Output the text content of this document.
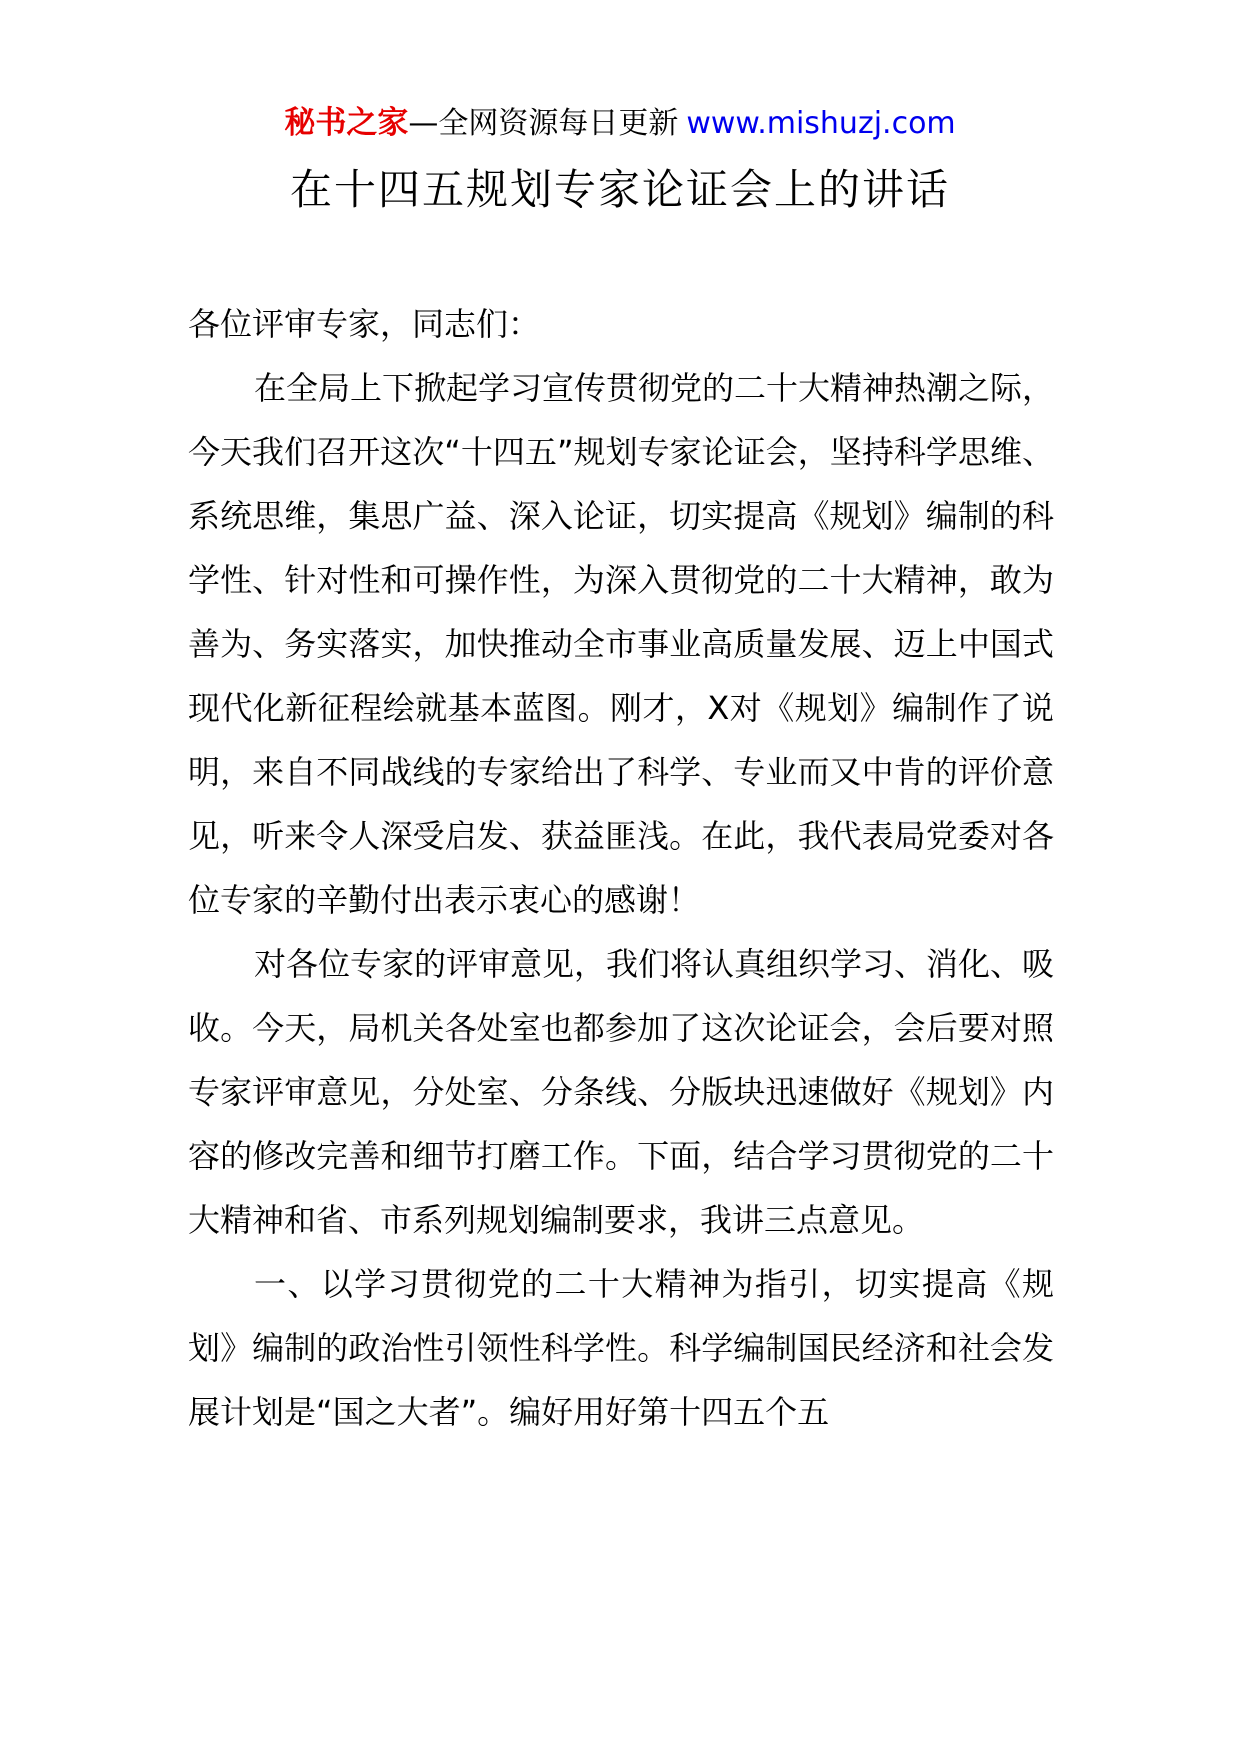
秘书之家—全网资源每日更新 www.mishuzj.com
在十四五规划专家论证会上的讲话

各位评审专家，同志们：

在全局上下掀起学习宣传贯彻党的二十大精神热潮之际，今天我们召开这次“十四五”规划专家论证会，坚持科学思维、系统思维，集思广益、深入论证，切实提高《规划》编制的科学性、针对性和可操作性，为深入贯彻党的二十大精神，敢为善为、务实落实，加快推动全市事业高质量发展、迈上中国式现代化新征程绘就基本蓝图。刚才，X对《规划》编制作了说明，来自不同战线的专家给出了科学、专业而又中肯的评价意见，听来令人深受启发、获益匪浅。在此，我代表局党委对各位专家的辛勤付出表示衷心的感谢！

对各位专家的评审意见，我们将认真组织学习、消化、吸收。今天，局机关各处室也都参加了这次论证会，会后要对照专家评审意见，分处室、分条线、分版块迅速做好《规划》内容的修改完善和细节打磨工作。下面，结合学习贯彻党的二十大精神和省、市系列规划编制要求，我讲三点意见。

一、以学习贯彻党的二十大精神为指引，切实提高《规划》编制的政治性引领性科学性。科学编制国民经济和社会发展计划是“国之大者”。编好用好第十四五个五
